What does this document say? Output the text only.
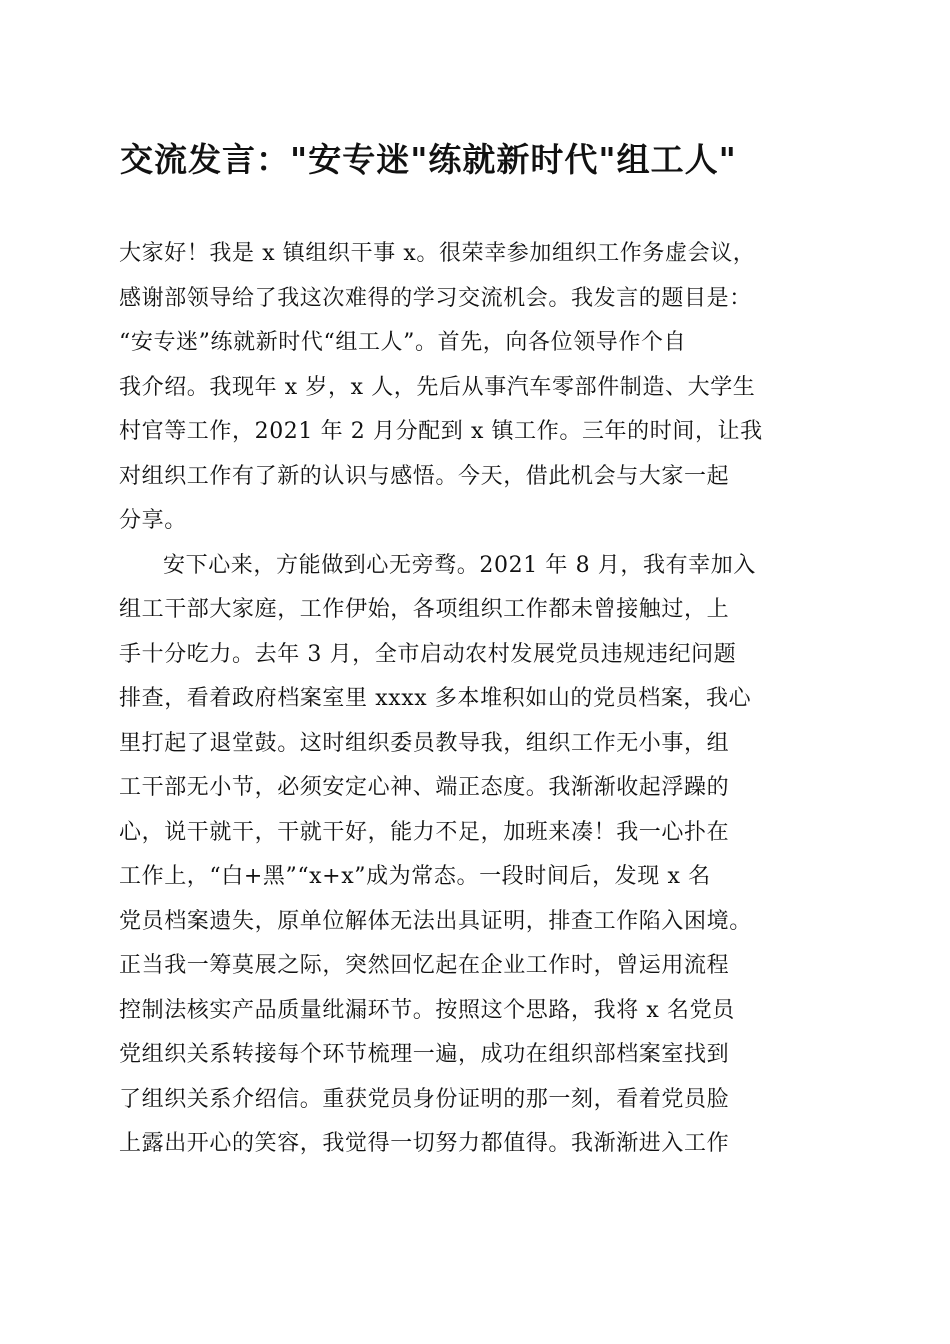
交流发言："安专迷"练就新时代"组工人"
大家好！我是 x 镇组织干事 x。很荣幸参加组织工作务虚会议，
感谢部领导给了我这次难得的学习交流机会。我发言的题目是：
“安专迷”练就新时代“组工人”。首先，向各位领导作个自
我介绍。我现年 x 岁，x 人，先后从事汽车零部件制造、大学生
村官等工作，2021 年 2 月分配到 x 镇工作。三年的时间，让我
对组织工作有了新的认识与感悟。今天，借此机会与大家一起
分享。
安下心来，方能做到心无旁骛。2021 年 8 月，我有幸加入
组工干部大家庭，工作伊始，各项组织工作都未曾接触过，上
手十分吃力。去年 3 月，全市启动农村发展党员违规违纪问题
排查，看着政府档案室里 xxxx 多本堆积如山的党员档案，我心
里打起了退堂鼓。这时组织委员教导我，组织工作无小事，组
工干部无小节，必须安定心神、端正态度。我渐渐收起浮躁的
心，说干就干，干就干好，能力不足，加班来凑！我一心扑在
工作上，“白+黑”“x+x”成为常态。一段时间后，发现 x 名
党员档案遗失，原单位解体无法出具证明，排查工作陷入困境。
正当我一筹莫展之际，突然回忆起在企业工作时，曾运用流程
控制法核实产品质量纰漏环节。按照这个思路，我将 x 名党员
党组织关系转接每个环节梳理一遍，成功在组织部档案室找到
了组织关系介绍信。重获党员身份证明的那一刻，看着党员脸
上露出开心的笑容，我觉得一切努力都值得。我渐渐进入工作
